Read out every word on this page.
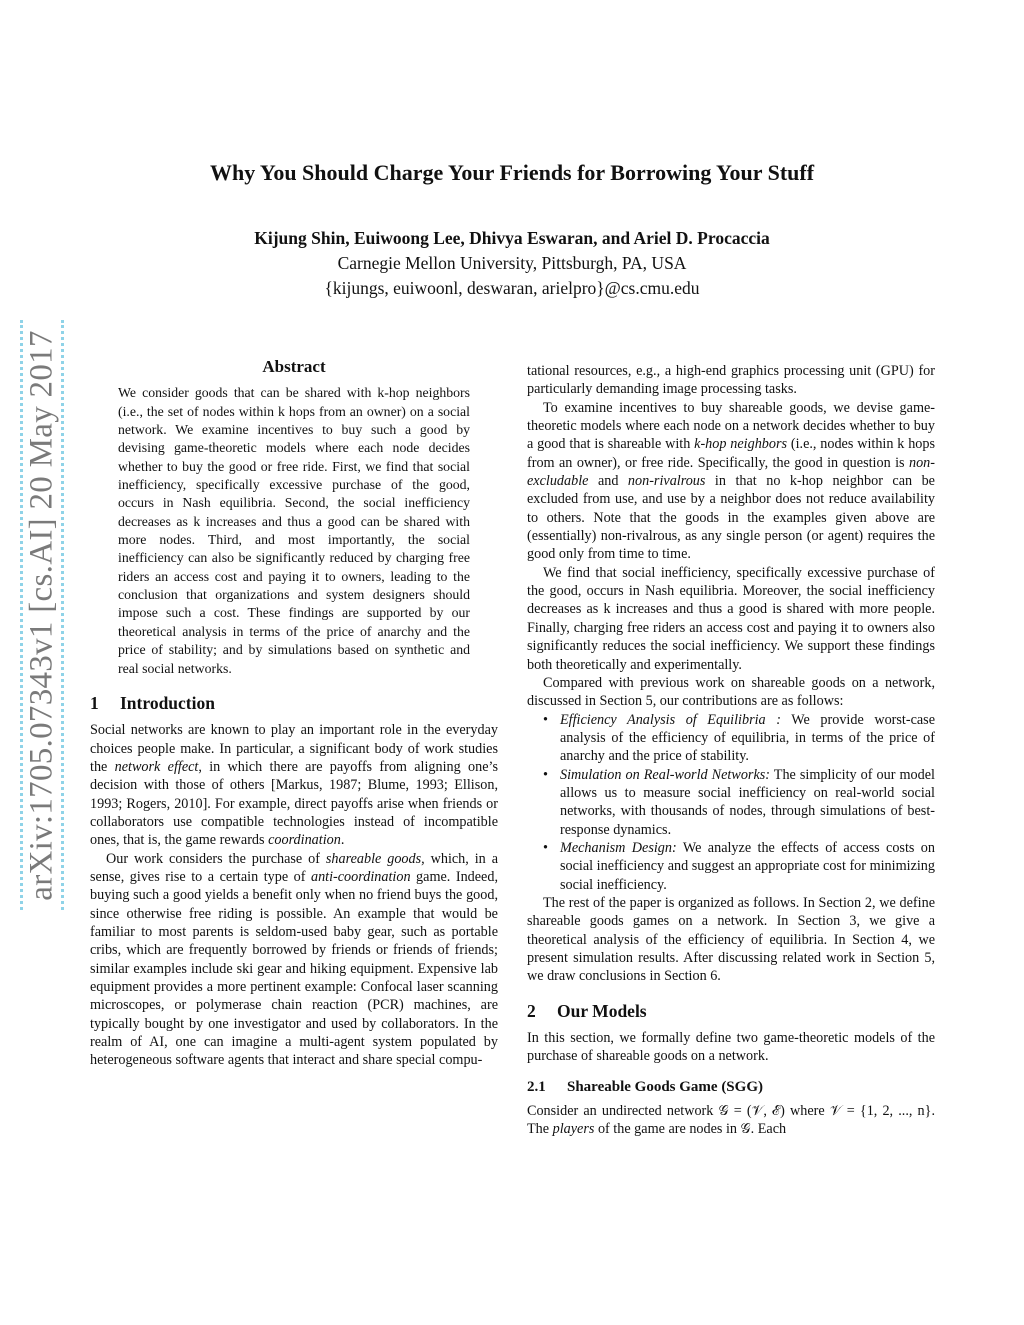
arXiv:1705.07343v1 [cs.AI] 20 May 2017
Why You Should Charge Your Friends for Borrowing Your Stuff
Kijung Shin, Euiwoong Lee, Dhivya Eswaran, and Ariel D. Procaccia
Carnegie Mellon University, Pittsburgh, PA, USA
{kijungs, euiwoonl, deswaran, arielpro}@cs.cmu.edu
Abstract
We consider goods that can be shared with k-hop neighbors (i.e., the set of nodes within k hops from an owner) on a social network. We examine incentives to buy such a good by devising game-theoretic models where each node decides whether to buy the good or free ride. First, we find that social inefficiency, specifically excessive purchase of the good, occurs in Nash equilibria. Second, the social inefficiency decreases as k increases and thus a good can be shared with more nodes. Third, and most importantly, the social inefficiency can also be significantly reduced by charging free riders an access cost and paying it to owners, leading to the conclusion that organizations and system designers should impose such a cost. These findings are supported by our theoretical analysis in terms of the price of anarchy and the price of stability; and by simulations based on synthetic and real social networks.
1 Introduction

Social networks are known to play an important role in the everyday choices people make. In particular, a significant body of work studies the network effect, in which there are payoffs from aligning one’s decision with those of others [Markus, 1987; Blume, 1993; Ellison, 1993; Rogers, 2010]. For example, direct payoffs arise when friends or collaborators use compatible technologies instead of incompatible ones, that is, the game rewards coordination.

Our work considers the purchase of shareable goods, which, in a sense, gives rise to a certain type of anti-coordination game. Indeed, buying such a good yields a benefit only when no friend buys the good, since otherwise free riding is possible. An example that would be familiar to most parents is seldom-used baby gear, such as portable cribs, which are frequently borrowed by friends or friends of friends; similar examples include ski gear and hiking equipment. Expensive lab equipment provides a more pertinent example: Confocal laser scanning microscopes, or polymerase chain reaction (PCR) machines, are typically bought by one investigator and used by collaborators. In the realm of AI, one can imagine a multi-agent system populated by heterogeneous software agents that interact and share special compu-

tational resources, e.g., a high-end graphics processing unit (GPU) for particularly demanding image processing tasks.

To examine incentives to buy shareable goods, we devise game-theoretic models where each node on a network decides whether to buy a good that is shareable with k-hop neighbors (i.e., nodes within k hops from an owner), or free ride. Specifically, the good in question is non-excludable and non-rivalrous in that no k-hop neighbor can be excluded from use, and use by a neighbor does not reduce availability to others. Note that the goods in the examples given above are (essentially) non-rivalrous, as any single person (or agent) requires the good only from time to time.

We find that social inefficiency, specifically excessive purchase of the good, occurs in Nash equilibria. Moreover, the social inefficiency decreases as k increases and thus a good is shared with more people. Finally, charging free riders an access cost and paying it to owners also significantly reduces the social inefficiency. We support these findings both theoretically and experimentally.

Compared with previous work on shareable goods on a network, discussed in Section 5, our contributions are as follows:

• Efficiency Analysis of Equilibria : We provide worst-case analysis of the efficiency of equilibria, in terms of the price of anarchy and the price of stability.
• Simulation on Real-world Networks: The simplicity of our model allows us to measure social inefficiency on real-world social networks, with thousands of nodes, through simulations of best-response dynamics.
• Mechanism Design: We analyze the effects of access costs on social inefficiency and suggest an appropriate cost for minimizing social inefficiency.

The rest of the paper is organized as follows. In Section 2, we define shareable goods games on a network. In Section 3, we give a theoretical analysis of the efficiency of equilibria. In Section 4, we present simulation results. After discussing related work in Section 5, we draw conclusions in Section 6.

2 Our Models

In this section, we formally define two game-theoretic models of the purchase of shareable goods on a network.

2.1 Shareable Goods Game (SGG)

Consider an undirected network 𝒢 = (𝒱, ℰ) where 𝒱 = {1, 2, ..., n}. The players of the game are nodes in 𝒢. Each
